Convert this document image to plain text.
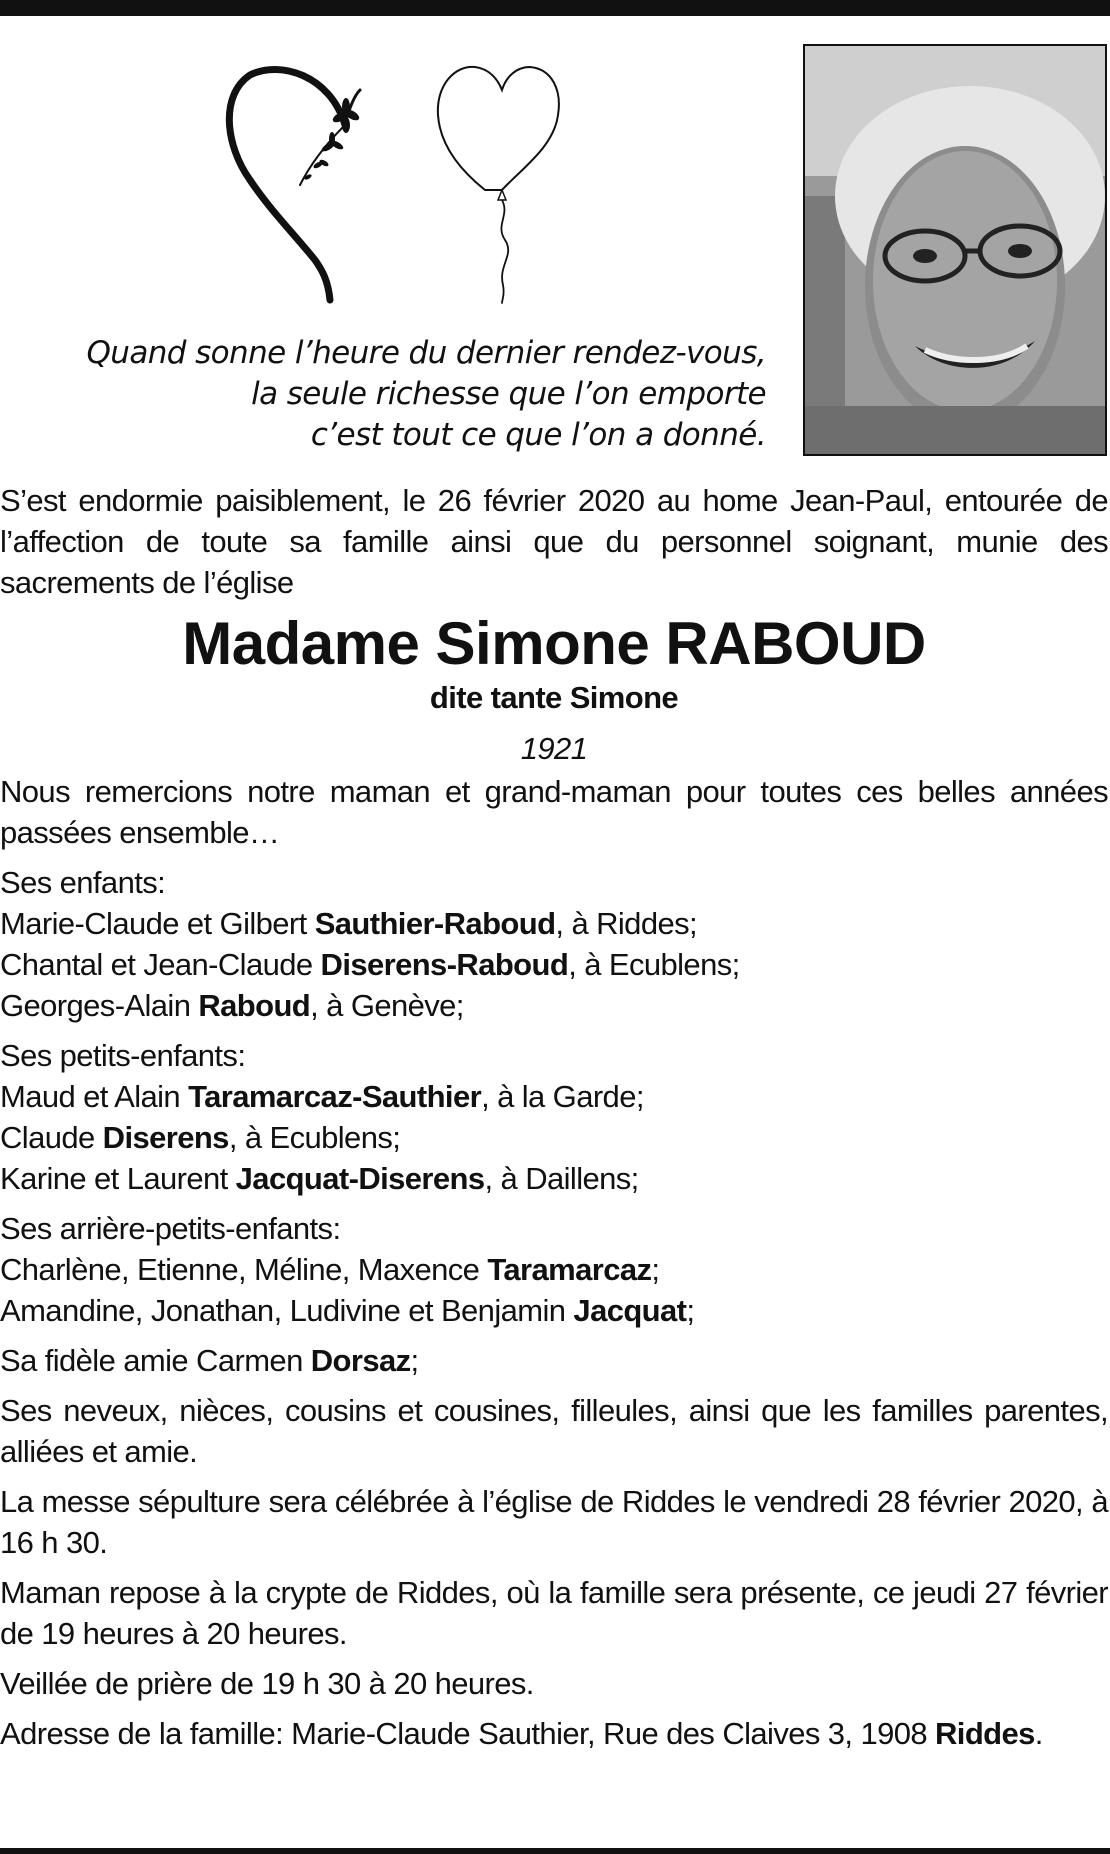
Quand sonne l’heure du dernier rendez-vous,
la seule richesse que l’on emporte
c’est tout ce que l’on a donné.
S’est endormie paisiblement, le 26 février 2020 au home Jean-Paul, entourée de l’affection de toute sa famille ainsi que du personnel soignant, munie des sacrements de l’église
Madame Simone RABOUD
dite tante Simone
1921
Nous remercions notre maman et grand-maman pour toutes ces belles années passées ensemble…
Ses enfants:
Marie-Claude et Gilbert Sauthier-Raboud, à Riddes;
Chantal et Jean-Claude Diserens-Raboud, à Ecublens;
Georges-Alain Raboud, à Genève;
Ses petits-enfants:
Maud et Alain Taramarcaz-Sauthier, à la Garde;
Claude Diserens, à Ecublens;
Karine et Laurent Jacquat-Diserens, à Daillens;
Ses arrière-petits-enfants:
Charlène, Etienne, Méline, Maxence Taramarcaz;
Amandine, Jonathan, Ludivine et Benjamin Jacquat;
Sa fidèle amie Carmen Dorsaz;
Ses neveux, nièces, cousins et cousines, filleules, ainsi que les familles parentes, alliées et amie.
La messe sépulture sera célébrée à l’église de Riddes le vendredi 28 février 2020, à 16 h 30.
Maman repose à la crypte de Riddes, où la famille sera présente, ce jeudi 27 février de 19 heures à 20 heures.
Veillée de prière de 19 h 30 à 20 heures.
Adresse de la famille: Marie-Claude Sauthier, Rue des Claives 3, 1908 Riddes.
